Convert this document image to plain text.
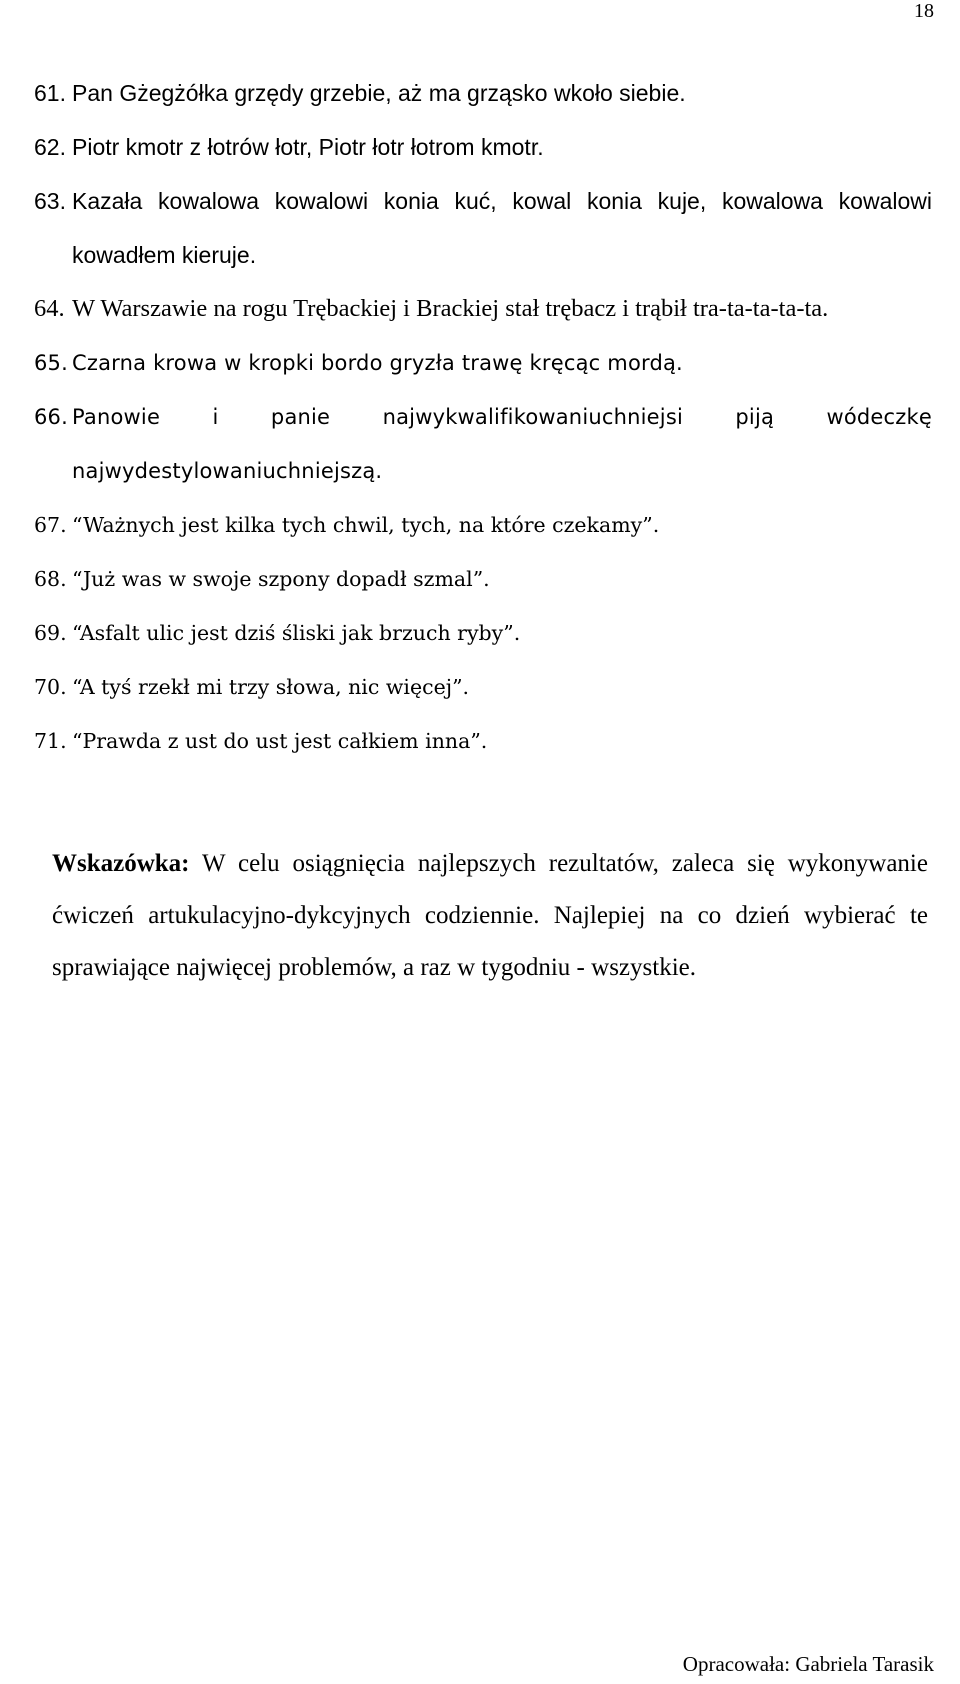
18
61. Pan Gżegżółka grzędy grzebie, aż ma grząsko wkoło siebie.
62. Piotr kmotr z łotrów łotr, Piotr łotr łotrom kmotr.
63. Kazała kowalowa kowalowi konia kuć, kowal konia kuje, kowalowa kowalowi kowadłem kieruje.
64. W Warszawie na rogu Trębackiej i Brackiej stał trębacz i trąbił tra-ta-ta-ta-ta.
65. Czarna krowa w kropki bordo gryzła trawę kręcąc mordą.
66. Panowie i panie najwykwalifikowaniuchniejsi piją wódeczkę najwydestylowaniuchniejszą.
67. “Ważnych jest kilka tych chwil, tych, na które czekamy”.
68. “Już was w swoje szpony dopadł szmal”.
69. “Asfalt ulic jest dziś śliski jak brzuch ryby”.
70. “A tyś rzekł mi trzy słowa, nic więcej”.
71. “Prawda z ust do ust jest całkiem inna”.

Wskazówka: W celu osiągnięcia najlepszych rezultatów, zaleca się wykonywanie ćwiczeń artukulacyjno-dykcyjnych codziennie. Najlepiej na co dzień wybierać te sprawiające najwięcej problemów, a raz w tygodniu - wszystkie.

Opracowała: Gabriela Tarasik
